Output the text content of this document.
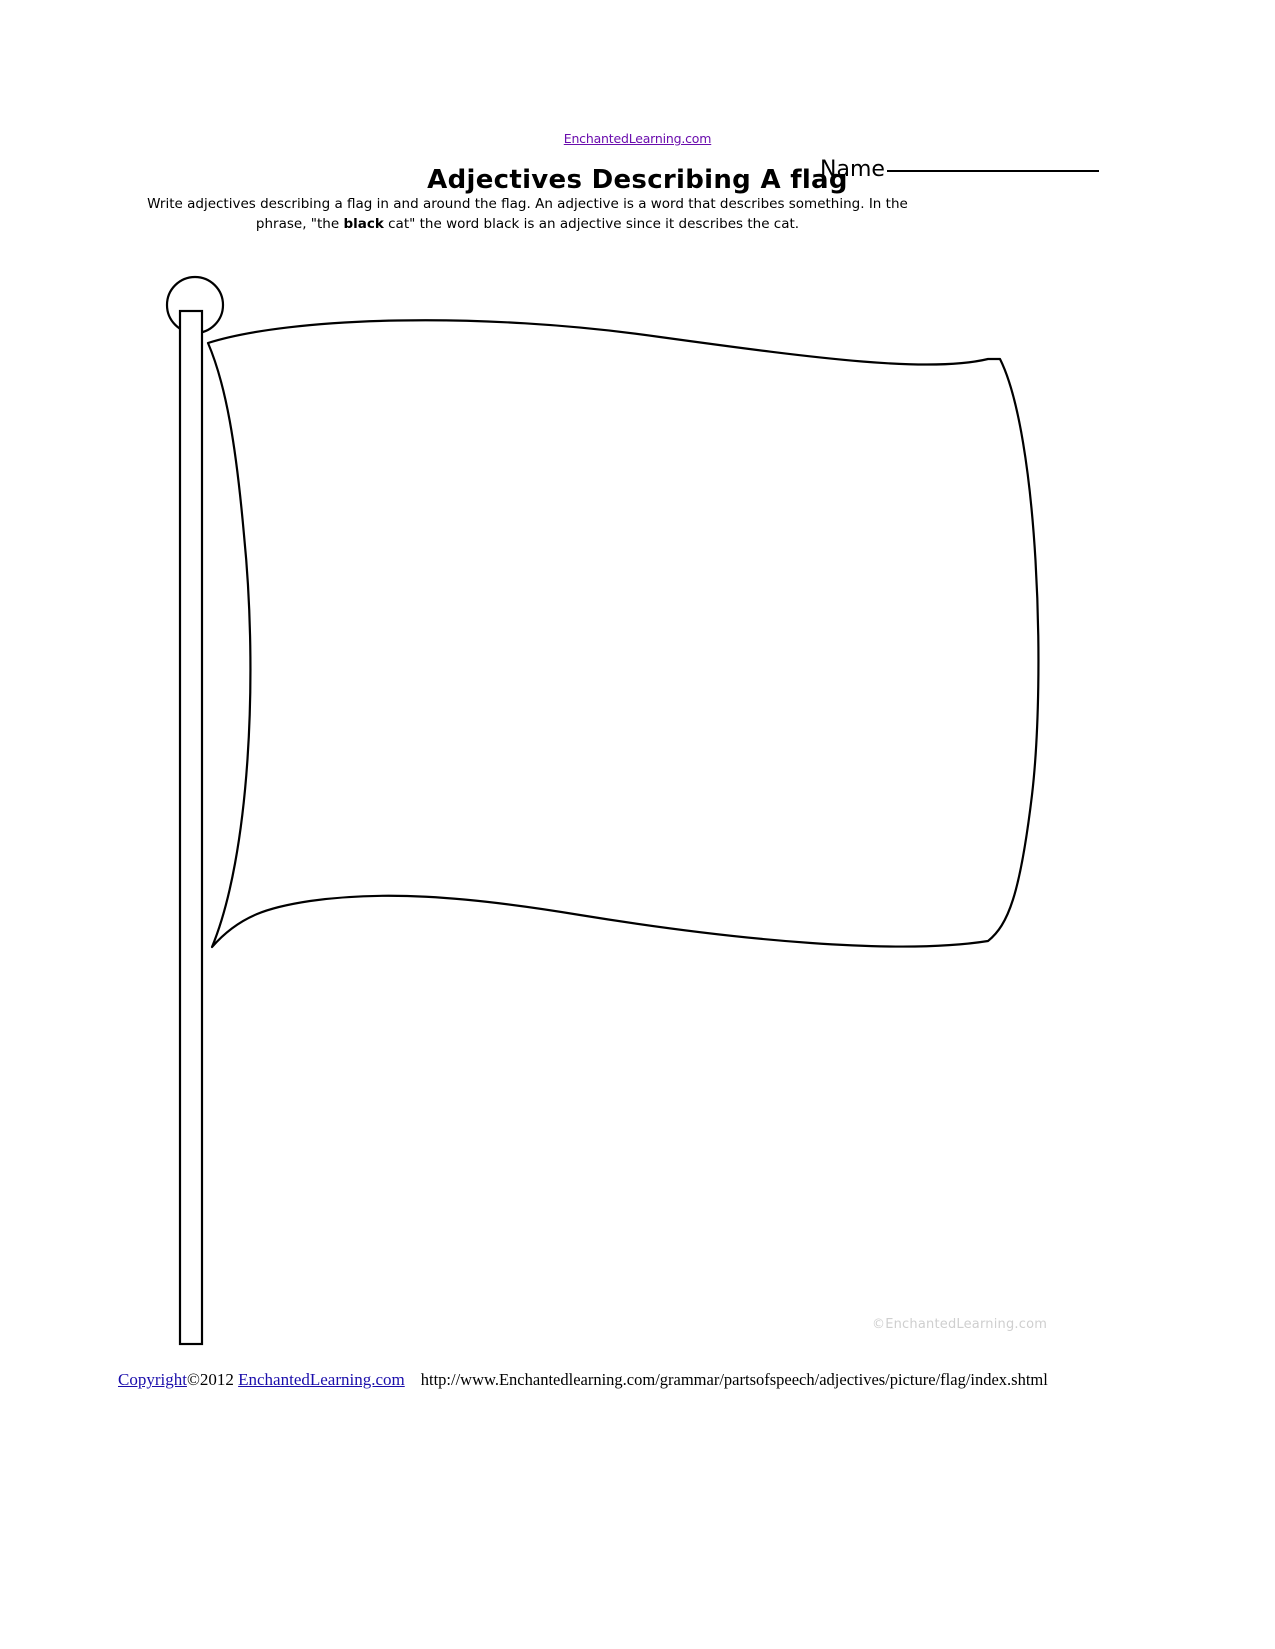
EnchantedLearning.com
Adjectives Describing A flag

Write adjectives describing a flag in and around the flag. An adjective is a word that describes something. In the phrase, "the black cat" the word black is an adjective since it describes the cat.

Name
©EnchantedLearning.com
Copyright©2012 EnchantedLearning.com http://www.Enchantedlearning.com/grammar/partsofspeech/adjectives/picture/flag/index.shtml
